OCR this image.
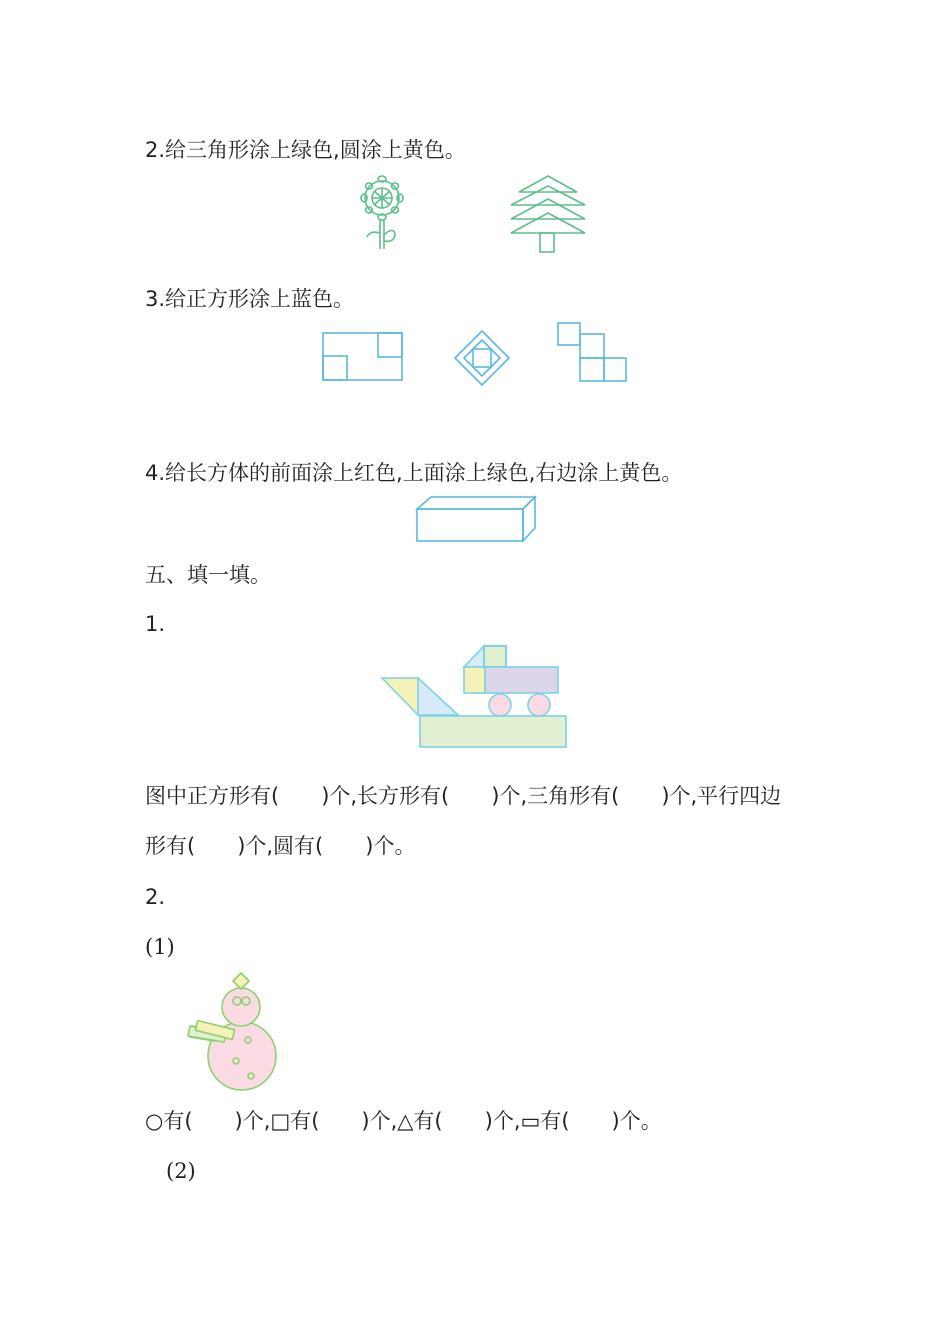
2.给三角形涂上绿色,圆涂上黄色。
3.给正方形涂上蓝色。
4.给长方体的前面涂上红色,上面涂上绿色,右边涂上黄色。
五、填一填。
1.
图中正方形有(　　)个,长方形有(　　)个,三角形有(　　)个,平行四边
形有(　　)个,圆有(　　)个。
2.
(1)
○有(　　)个,□有(　　)个,△有(　　)个,▭有(　　)个。
(2)
